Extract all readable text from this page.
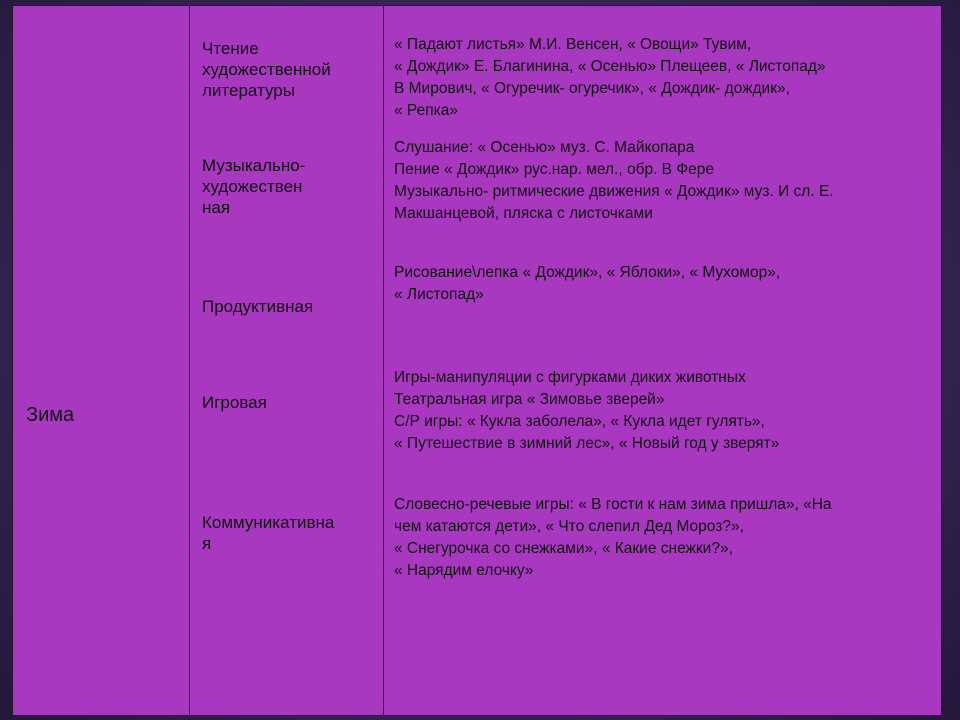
Зима
Чтение
художественной
литературы
Музыкально-
художествен
ная
Продуктивная
Игровая
Коммуникативна
я
« Падают листья» М.И. Венсен, « Овощи» Тувим,
« Дождик» Е. Благинина, « Осенью» Плещеев, « Листопад»
В Мирович, « Огуречик- огуречик», « Дождик- дождик»,
« Репка»
Слушание: « Осенью» муз. С. Майкопара
Пение « Дождик» рус.нар. мел., обр. В Фере
Музыкально- ритмические движения « Дождик» муз. И сл. Е.
Макшанцевой, пляска с листочками
Рисование\лепка « Дождик», « Яблоки», « Мухомор»,
« Листопад»
Игры-манипуляции с фигурками диких животных
Театральная игра « Зимовье зверей»
С/Р игры: « Кукла заболела», « Кукла идет гулять»,
« Путешествие в зимний лес», « Новый год у зверят»
Словесно-речевые игры: « В гости к нам зима пришла», «На
чем катаются дети», « Что слепил Дед Мороз?»,
« Снегурочка со снежками», « Какие снежки?»,
« Нарядим елочку»
